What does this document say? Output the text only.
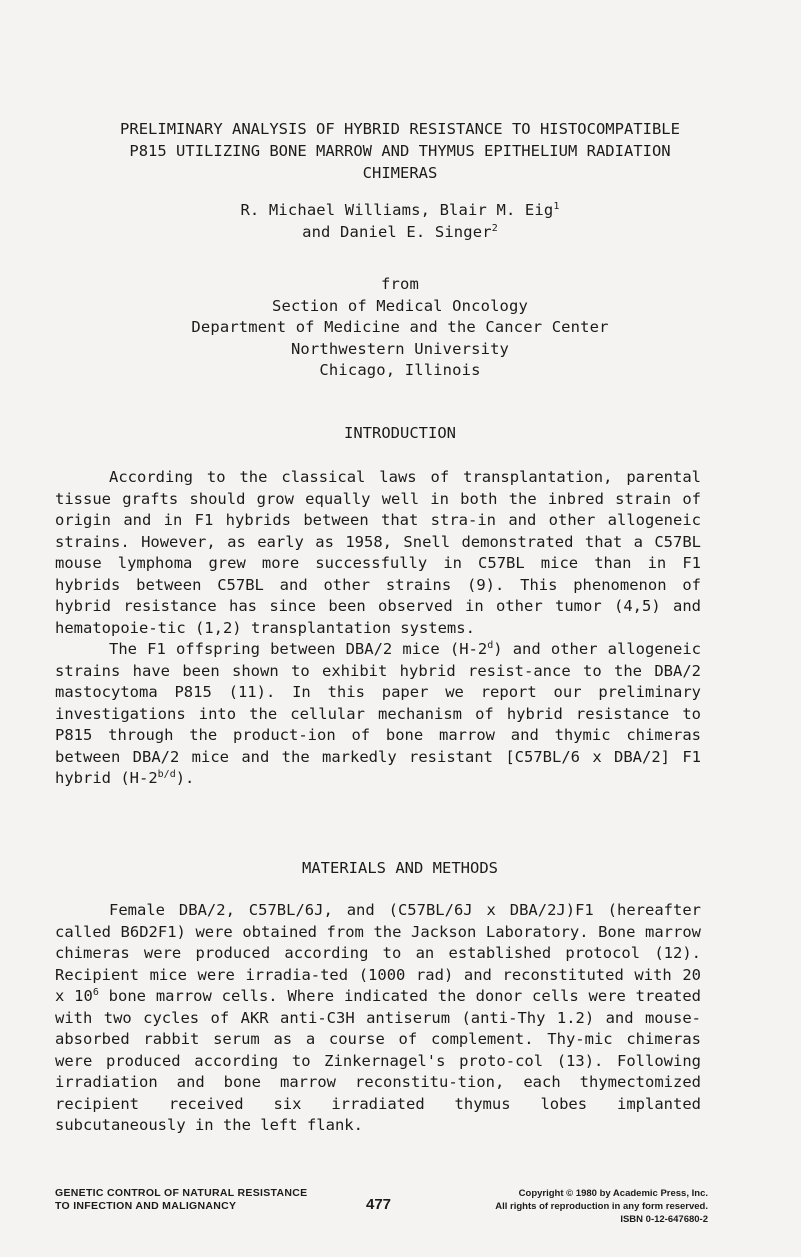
PRELIMINARY ANALYSIS OF HYBRID RESISTANCE TO HISTOCOMPATIBLE
P815 UTILIZING BONE MARROW AND THYMUS EPITHELIUM RADIATION
CHIMERAS
R. Michael Williams, Blair M. Eig$^1$
and Daniel E. Singer$^2$
from
Section of Medical Oncology
Department of Medicine and the Cancer Center
Northwestern University
Chicago, Illinois
INTRODUCTION

According to the classical laws of transplantation, parental tissue grafts should grow equally well in both the inbred strain of origin and in F1 hybrids between that stra-in and other allogeneic strains. However, as early as 1958, Snell demonstrated that a C57BL mouse lymphoma grew more successfully in C57BL mice than in F1 hybrids between C57BL and other strains (9). This phenomenon of hybrid resistance has since been observed in other tumor (4,5) and hematopoie-tic (1,2) transplantation systems.

The F1 offspring between DBA/2 mice (H-2$^d$) and other allogeneic strains have been shown to exhibit hybrid resist-ance to the DBA/2 mastocytoma P815 (11). In this paper we report our preliminary investigations into the cellular mechanism of hybrid resistance to P815 through the product-ion of bone marrow and thymic chimeras between DBA/2 mice and the markedly resistant [C57BL/6 x DBA/2] F1 hybrid $(H-2^{b/d})$.

MATERIALS AND METHODS

Female DBA/2, C57BL/6J, and (C57BL/6J x DBA/2J)F1 (hereafter called B6D2F1) were obtained from the Jackson Laboratory. Bone marrow chimeras were produced according to an established protocol (12). Recipient mice were irradia-ted (1000 rad) and reconstituted with 20 x $10^6$ bone marrow cells. Where indicated the donor cells were treated with two cycles of AKR anti-C3H antiserum (anti-Thy 1.2) and mouse-absorbed rabbit serum as a course of complement. Thy-mic chimeras were produced according to Zinkernagel's proto-col (13). Following irradiation and bone marrow reconstitu-tion, each thymectomized recipient received six irradiated thymus lobes implanted subcutaneously in the left flank.

GENETIC CONTROL OF NATURAL RESISTANCE
TO INFECTION AND MALIGNANCY	477
Copyright © 1980 by Academic Press, Inc.
All rights of reproduction in any form reserved.
ISBN 0-12-647680-2
